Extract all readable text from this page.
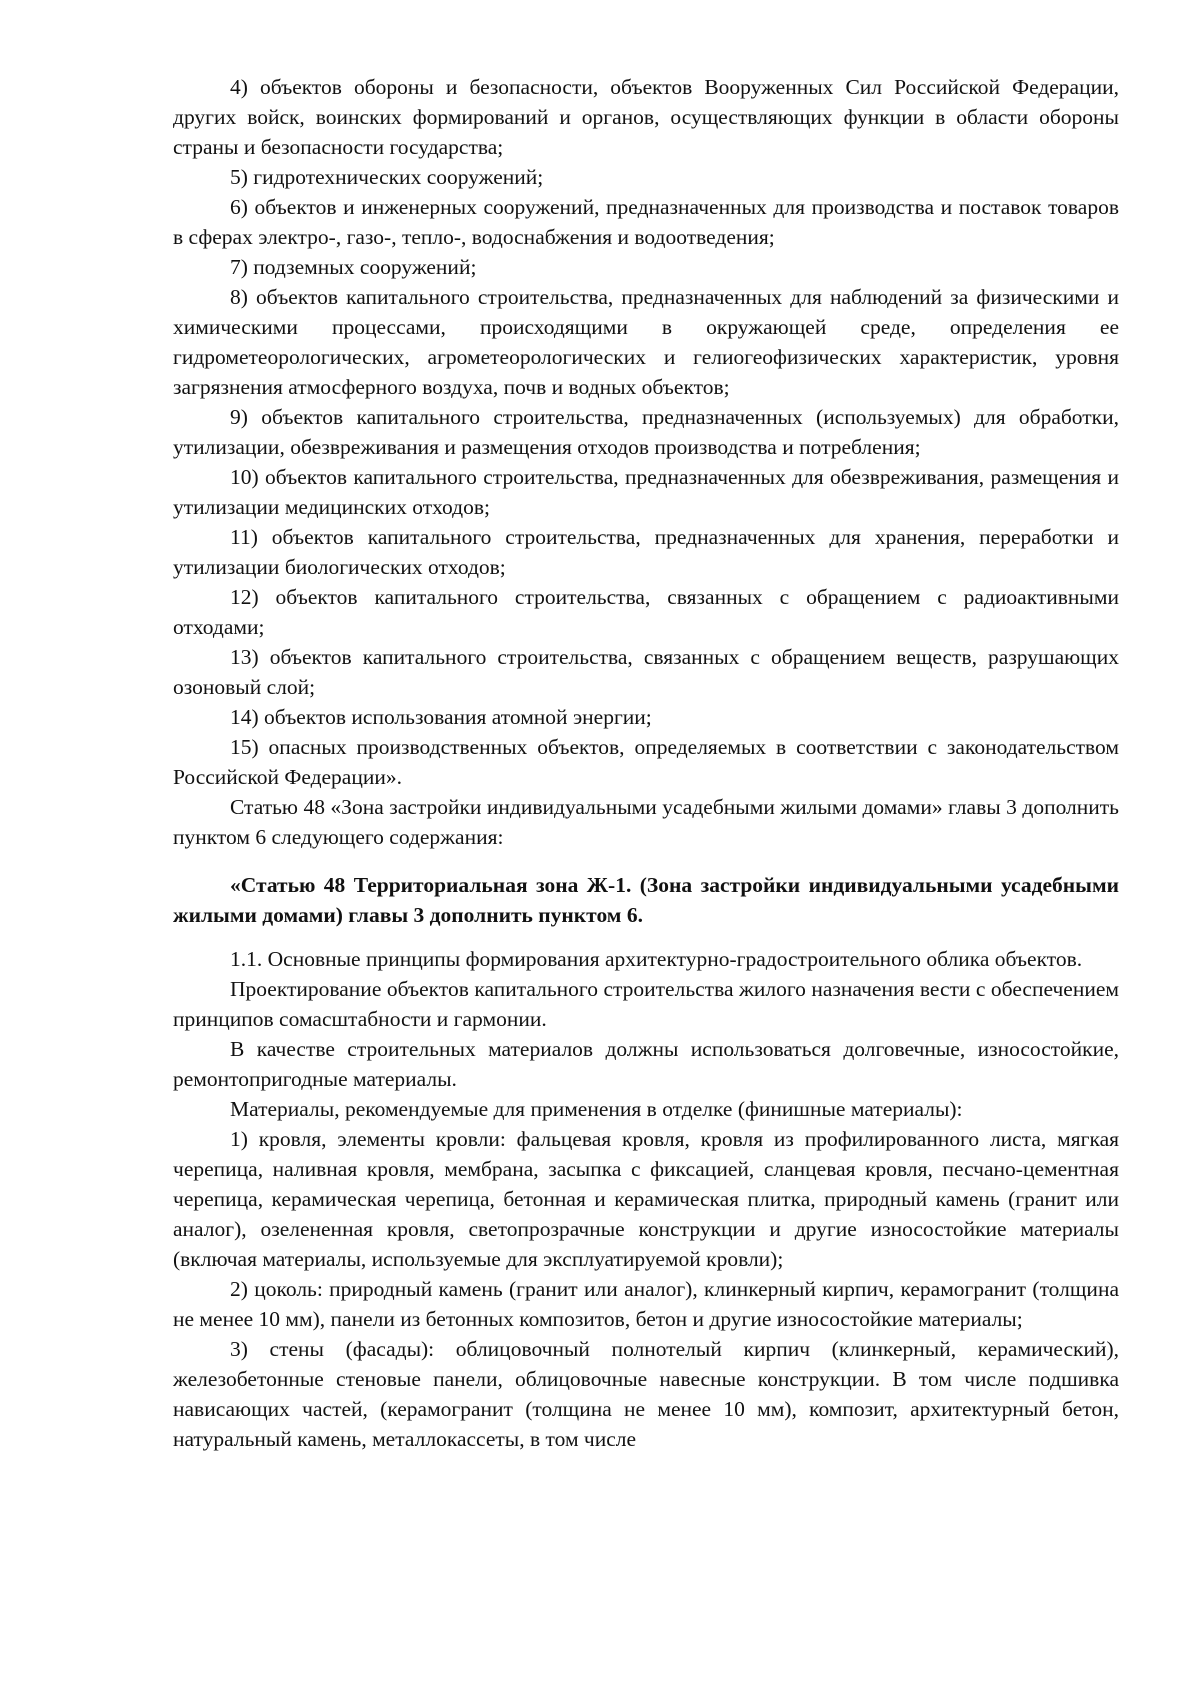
4) объектов обороны и безопасности, объектов Вооруженных Сил Российской Федерации, других войск, воинских формирований и органов, осуществляющих функции в области обороны страны и безопасности государства;

5) гидротехнических сооружений;

6) объектов и инженерных сооружений, предназначенных для производства и поставок товаров в сферах электро-, газо-, тепло-, водоснабжения и водоотведения;

7) подземных сооружений;

8) объектов капитального строительства, предназначенных для наблюдений за физическими и химическими процессами, происходящими в окружающей среде, определения ее гидрометеорологических, агрометеорологических и гелиогеофизических характеристик, уровня загрязнения атмосферного воздуха, почв и водных объектов;

9) объектов капитального строительства, предназначенных (используемых) для обработки, утилизации, обезвреживания и размещения отходов производства и потребления;

10) объектов капитального строительства, предназначенных для обезвреживания, размещения и утилизации медицинских отходов;

11) объектов капитального строительства, предназначенных для хранения, переработки и утилизации биологических отходов;

12) объектов капитального строительства, связанных с обращением с радиоактивными отходами;

13) объектов капитального строительства, связанных с обращением веществ, разрушающих озоновый слой;

14) объектов использования атомной энергии;

15) опасных производственных объектов, определяемых в соответствии с законодательством Российской Федерации».

Статью 48 «Зона застройки индивидуальными усадебными жилыми домами» главы 3 дополнить пунктом 6 следующего содержания:

«Статью 48 Территориальная зона Ж-1. (Зона застройки индивидуальными усадебными жилыми домами) главы 3 дополнить пунктом 6.

1.1. Основные принципы формирования архитектурно-градостроительного облика объектов.

Проектирование объектов капитального строительства жилого назначения вести с обеспечением принципов сомасштабности и гармонии.

В качестве строительных материалов должны использоваться долговечные, износостойкие, ремонтопригодные материалы.

Материалы, рекомендуемые для применения в отделке (финишные материалы):

1) кровля, элементы кровли: фальцевая кровля, кровля из профилированного листа, мягкая черепица, наливная кровля, мембрана, засыпка с фиксацией, сланцевая кровля, песчано-цементная черепица, керамическая черепица, бетонная и керамическая плитка, природный камень (гранит или аналог), озелененная кровля, светопрозрачные конструкции и другие износостойкие материалы (включая материалы, используемые для эксплуатируемой кровли);

2) цоколь: природный камень (гранит или аналог), клинкерный кирпич, керамогранит (толщина не менее 10 мм), панели из бетонных композитов, бетон и другие износостойкие материалы;

3) стены (фасады): облицовочный полнотелый кирпич (клинкерный, керамический), железобетонные стеновые панели, облицовочные навесные конструкции. В том числе подшивка нависающих частей, (керамогранит (толщина не менее 10 мм), композит, архитектурный бетон, натуральный камень, металлокассеты, в том числе
